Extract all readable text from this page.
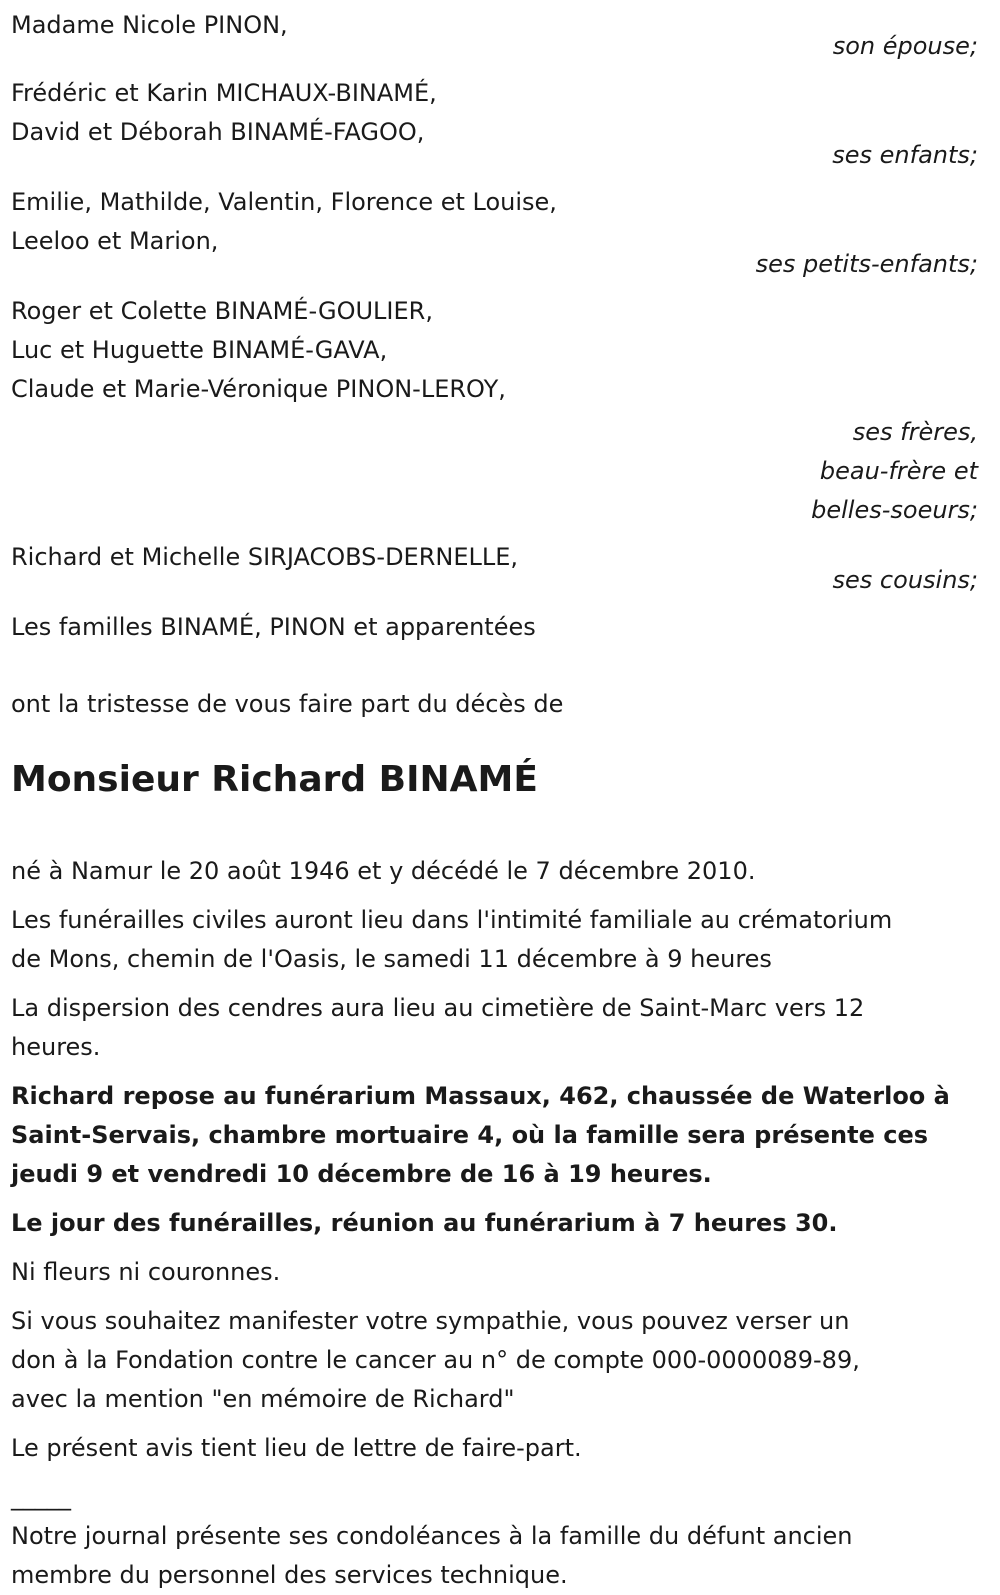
Madame Nicole PINON,
son épouse;
Frédéric et Karin MICHAUX-BINAMÉ,
David et Déborah BINAMÉ-FAGOO,
ses enfants;
Emilie, Mathilde, Valentin, Florence et Louise,
Leeloo et Marion,
ses petits-enfants;
Roger et Colette BINAMÉ-GOULIER,
Luc et Huguette BINAMÉ-GAVA,
Claude et Marie-Véronique PINON-LEROY,
ses frères,
beau-frère et
belles-soeurs;
Richard et Michelle SIRJACOBS-DERNELLE,
ses cousins;
Les familles BINAMÉ, PINON et apparentées
ont la tristesse de vous faire part du décès de
Monsieur Richard BINAMÉ
né à Namur le 20 août 1946 et y décédé le 7 décembre 2010.
Les funérailles civiles auront lieu dans l'intimité familiale au crématorium
de Mons, chemin de l'Oasis, le samedi 11 décembre à 9 heures
La dispersion des cendres aura lieu au cimetière de Saint-Marc vers 12
heures.
Richard repose au funérarium Massaux, 462, chaussée de Waterloo à
Saint-Servais, chambre mortuaire 4, où la famille sera présente ces
jeudi 9 et vendredi 10 décembre de 16 à 19 heures.
Le jour des funérailles, réunion au funérarium à 7 heures 30.
Ni fleurs ni couronnes.
Si vous souhaitez manifester votre sympathie, vous pouvez verser un
don à la Fondation contre le cancer au n° de compte 000-0000089-89,
avec la mention "en mémoire de Richard"
Le présent avis tient lieu de lettre de faire-part.
_____
Notre journal présente ses condoléances à la famille du défunt ancien
membre du personnel des services technique.
